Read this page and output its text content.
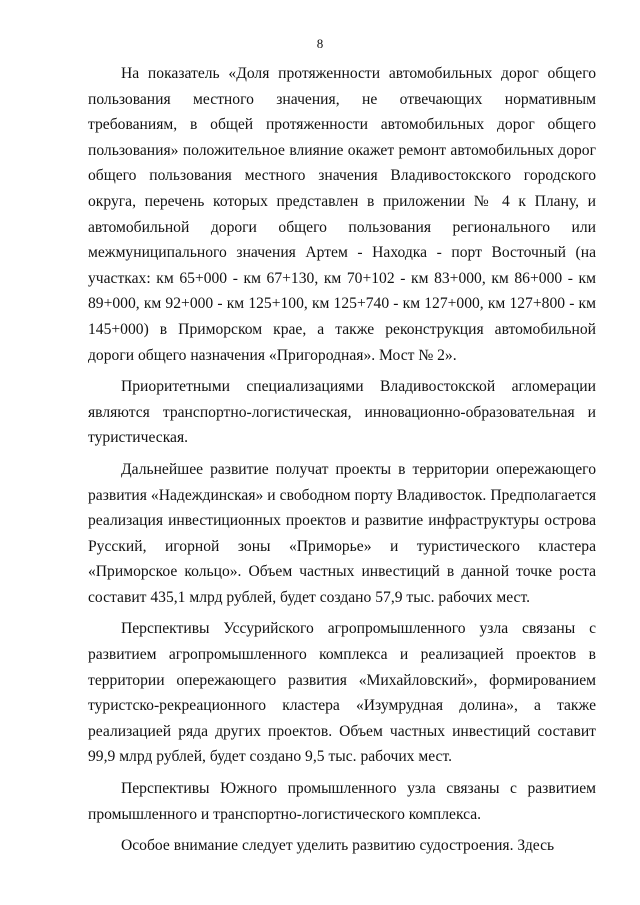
8

На показатель «Доля протяженности автомобильных дорог общего пользования местного значения, не отвечающих нормативным требованиям, в общей протяженности автомобильных дорог общего пользования» положительное влияние окажет ремонт автомобильных дорог общего пользования местного значения Владивостокского городского округа, перечень которых представлен в приложении № 4 к Плану, и автомобильной дороги общего пользования регионального или межмуниципального значения Артем - Находка - порт Восточный (на участках: км 65+000 - км 67+130, км 70+102 - км 83+000, км 86+000 - км 89+000, км 92+000 - км 125+100, км 125+740 - км 127+000, км 127+800 - км 145+000) в Приморском крае, а также реконструкция автомобильной дороги общего назначения «Пригородная». Мост № 2».

Приоритетными специализациями Владивостокской агломерации являются транспортно-логистическая, инновационно-образовательная и туристическая.

Дальнейшее развитие получат проекты в территории опережающего развития «Надеждинская» и свободном порту Владивосток. Предполагается реализация инвестиционных проектов и развитие инфраструктуры острова Русский, игорной зоны «Приморье» и туристического кластера «Приморское кольцо». Объем частных инвестиций в данной точке роста составит 435,1 млрд рублей, будет создано 57,9 тыс. рабочих мест.

Перспективы Уссурийского агропромышленного узла связаны с развитием агропромышленного комплекса и реализацией проектов в территории опережающего развития «Михайловский», формированием туристско-рекреационного кластера «Изумрудная долина», а также реализацией ряда других проектов. Объем частных инвестиций составит 99,9 млрд рублей, будет создано 9,5 тыс. рабочих мест.

Перспективы Южного промышленного узла связаны с развитием промышленного и транспортно-логистического комплекса.

Особое внимание следует уделить развитию судостроения. Здесь
